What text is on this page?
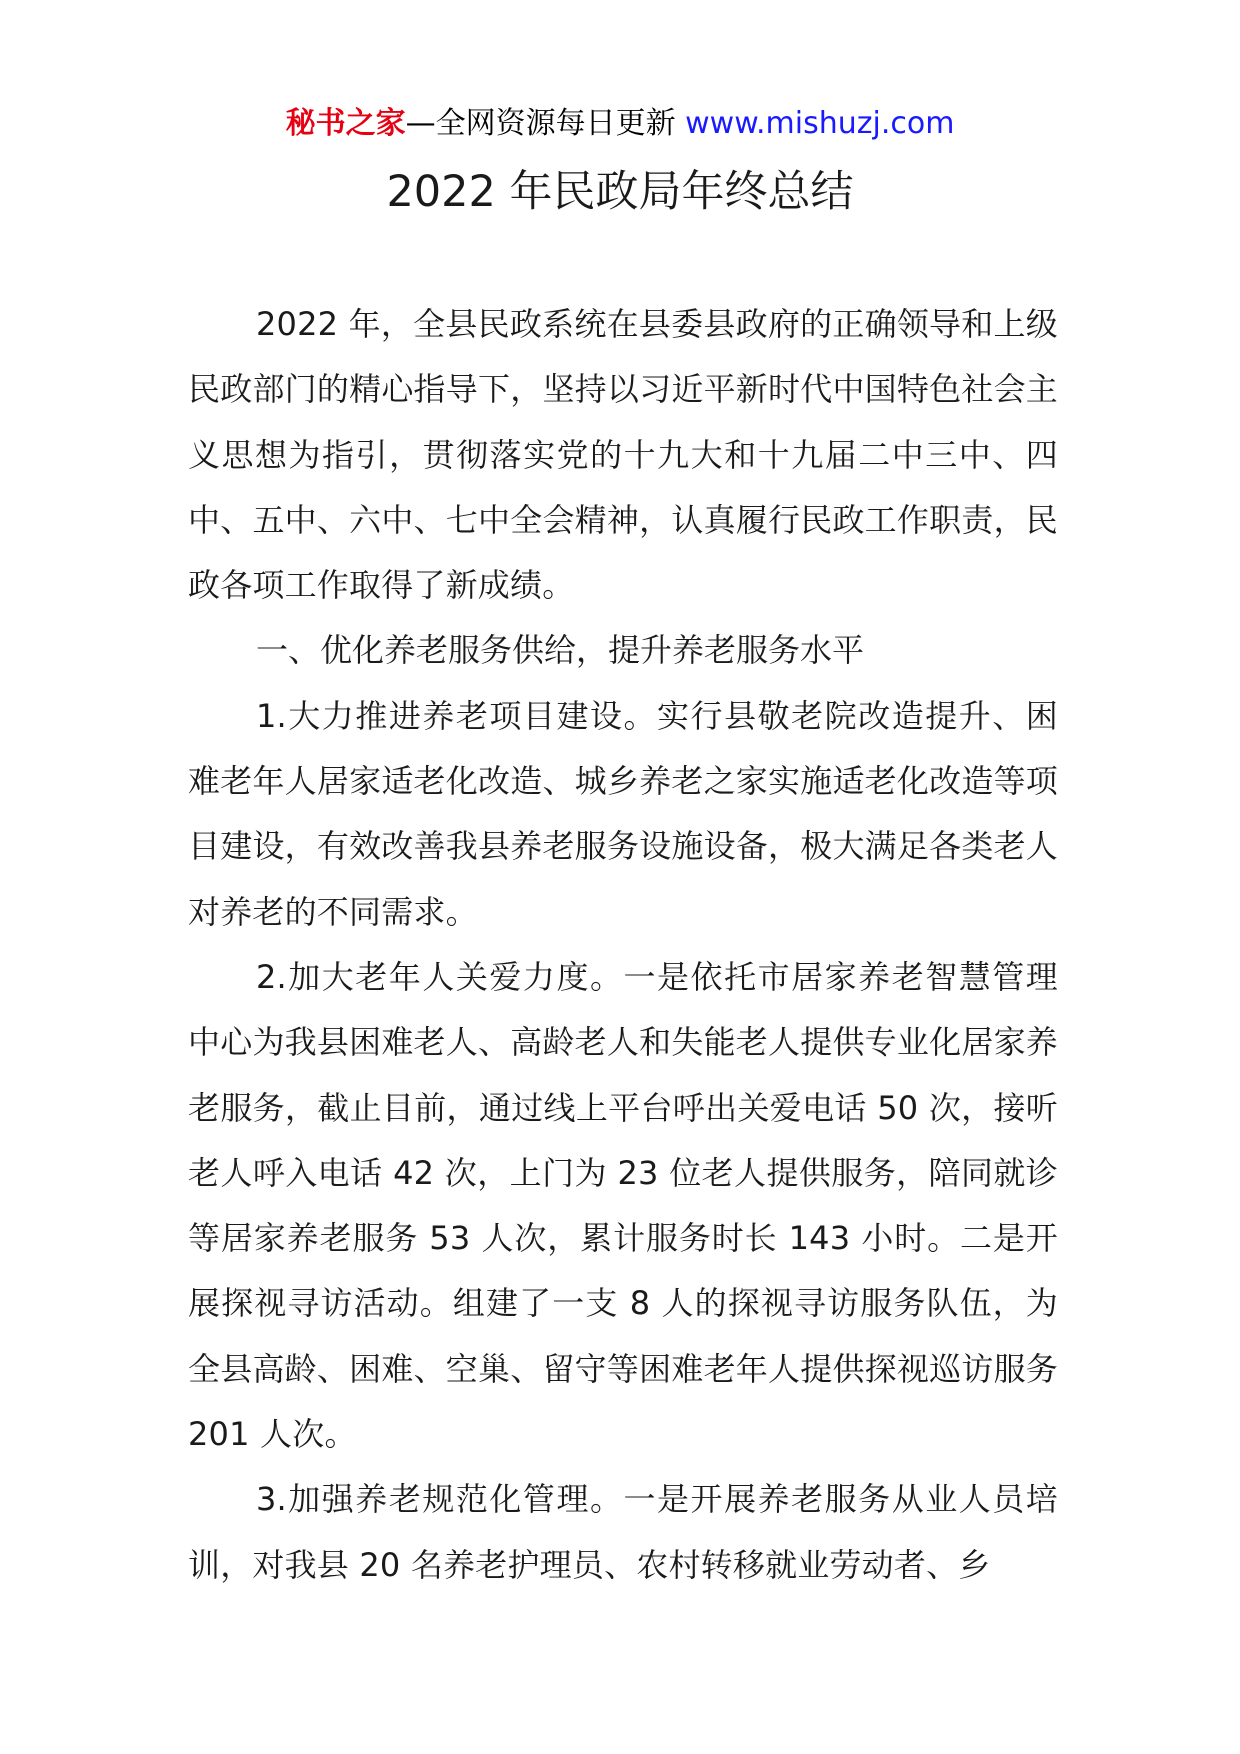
秘书之家—全网资源每日更新 www.mishuzj.com
2022 年民政局年终总结

2022 年，全县民政系统在县委县政府的正确领导和上级民政部门的精心指导下，坚持以习近平新时代中国特色社会主义思想为指引，贯彻落实党的十九大和十九届二中三中、四中、五中、六中、七中全会精神，认真履行民政工作职责，民政各项工作取得了新成绩。

一、优化养老服务供给，提升养老服务水平

1.大力推进养老项目建设。实行县敬老院改造提升、困难老年人居家适老化改造、城乡养老之家实施适老化改造等项目建设，有效改善我县养老服务设施设备，极大满足各类老人对养老的不同需求。

2.加大老年人关爱力度。一是依托市居家养老智慧管理中心为我县困难老人、高龄老人和失能老人提供专业化居家养老服务，截止目前，通过线上平台呼出关爱电话 50 次，接听老人呼入电话 42 次，上门为 23 位老人提供服务，陪同就诊等居家养老服务 53 人次，累计服务时长 143 小时。二是开展探视寻访活动。组建了一支 8 人的探视寻访服务队伍，为全县高龄、困难、空巢、留守等困难老年人提供探视巡访服务 201 人次。

3.加强养老规范化管理。一是开展养老服务从业人员培训，对我县 20 名养老护理员、农村转移就业劳动者、乡
